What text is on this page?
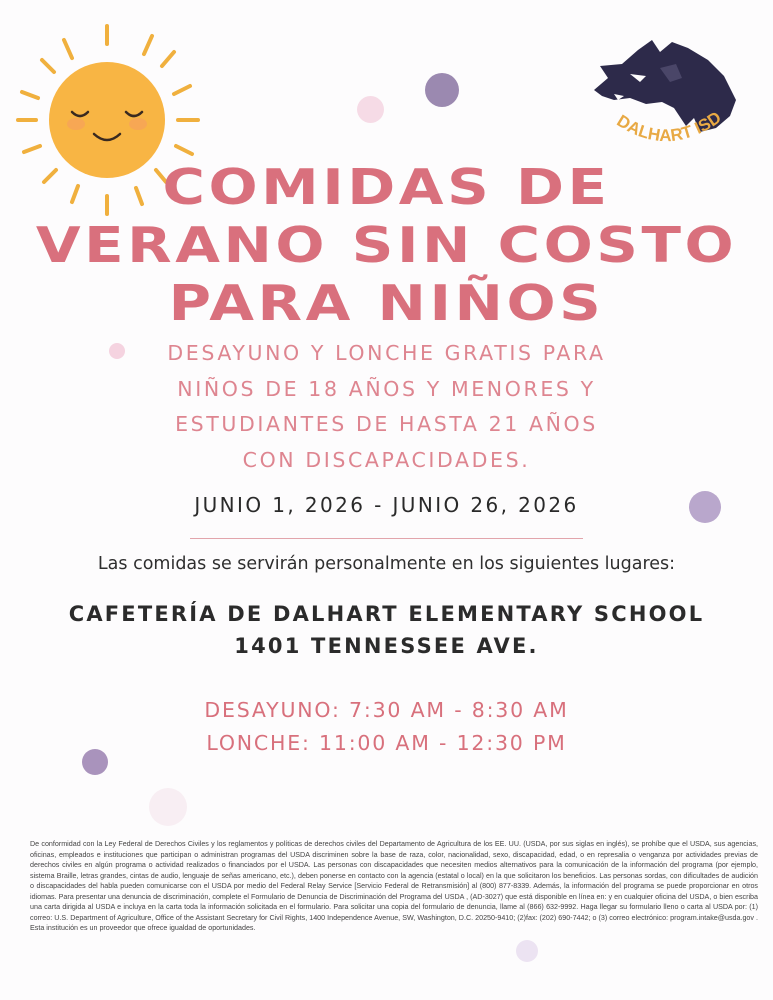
DALHART ISD
COMIDAS DE
VERANO SIN COSTO
PARA NIÑOS
DESAYUNO Y LONCHE GRATIS PARA
NIÑOS DE 18 AÑOS Y MENORES Y
ESTUDIANTES DE HASTA 21 AÑOS
CON DISCAPACIDADES.
JUNIO 1, 2026 - JUNIO 26, 2026
Las comidas se servirán personalmente en los siguientes lugares:
CAFETERÍA DE DALHART ELEMENTARY SCHOOL
1401 TENNESSEE AVE.
DESAYUNO: 7:30 AM - 8:30 AM
LONCHE: 11:00 AM - 12:30 PM
De conformidad con la Ley Federal de Derechos Civiles y los reglamentos y políticas de derechos civiles del Departamento de Agricultura de los EE. UU. (USDA, por sus siglas en inglés), se prohíbe que el USDA, sus agencias, oficinas, empleados e instituciones que participan o administran programas del USDA discriminen sobre la base de raza, color, nacionalidad, sexo, discapacidad, edad, o en represalia o venganza por actividades previas de derechos civiles en algún programa o actividad realizados o financiados por el USDA. Las personas con discapacidades que necesiten medios alternativos para la comunicación de la información del programa (por ejemplo, sistema Braille, letras grandes, cintas de audio, lenguaje de señas americano, etc.), deben ponerse en contacto con la agencia (estatal o local) en la que solicitaron los beneficios. Las personas sordas, con dificultades de audición o discapacidades del habla pueden comunicarse con el USDA por medio del Federal Relay Service [Servicio Federal de Retransmisión] al (800) 877-8339. Además, la información del programa se puede proporcionar en otros idiomas. Para presentar una denuncia de discriminación, complete el Formulario de Denuncia de Discriminación del Programa del USDA , (AD-3027) que está disponible en línea en: y en cualquier oficina del USDA, o bien escriba una carta dirigida al USDA e incluya en la carta toda la información solicitada en el formulario. Para solicitar una copia del formulario de denuncia, llame al (866) 632-9992. Haga llegar su formulario lleno o carta al USDA por: (1) correo: U.S. Department of Agriculture, Office of the Assistant Secretary for Civil Rights, 1400 Independence Avenue, SW, Washington, D.C. 20250-9410; (2)fax: (202) 690-7442; o (3) correo electrónico: program.intake@usda.gov . Esta institución es un proveedor que ofrece igualdad de oportunidades.
